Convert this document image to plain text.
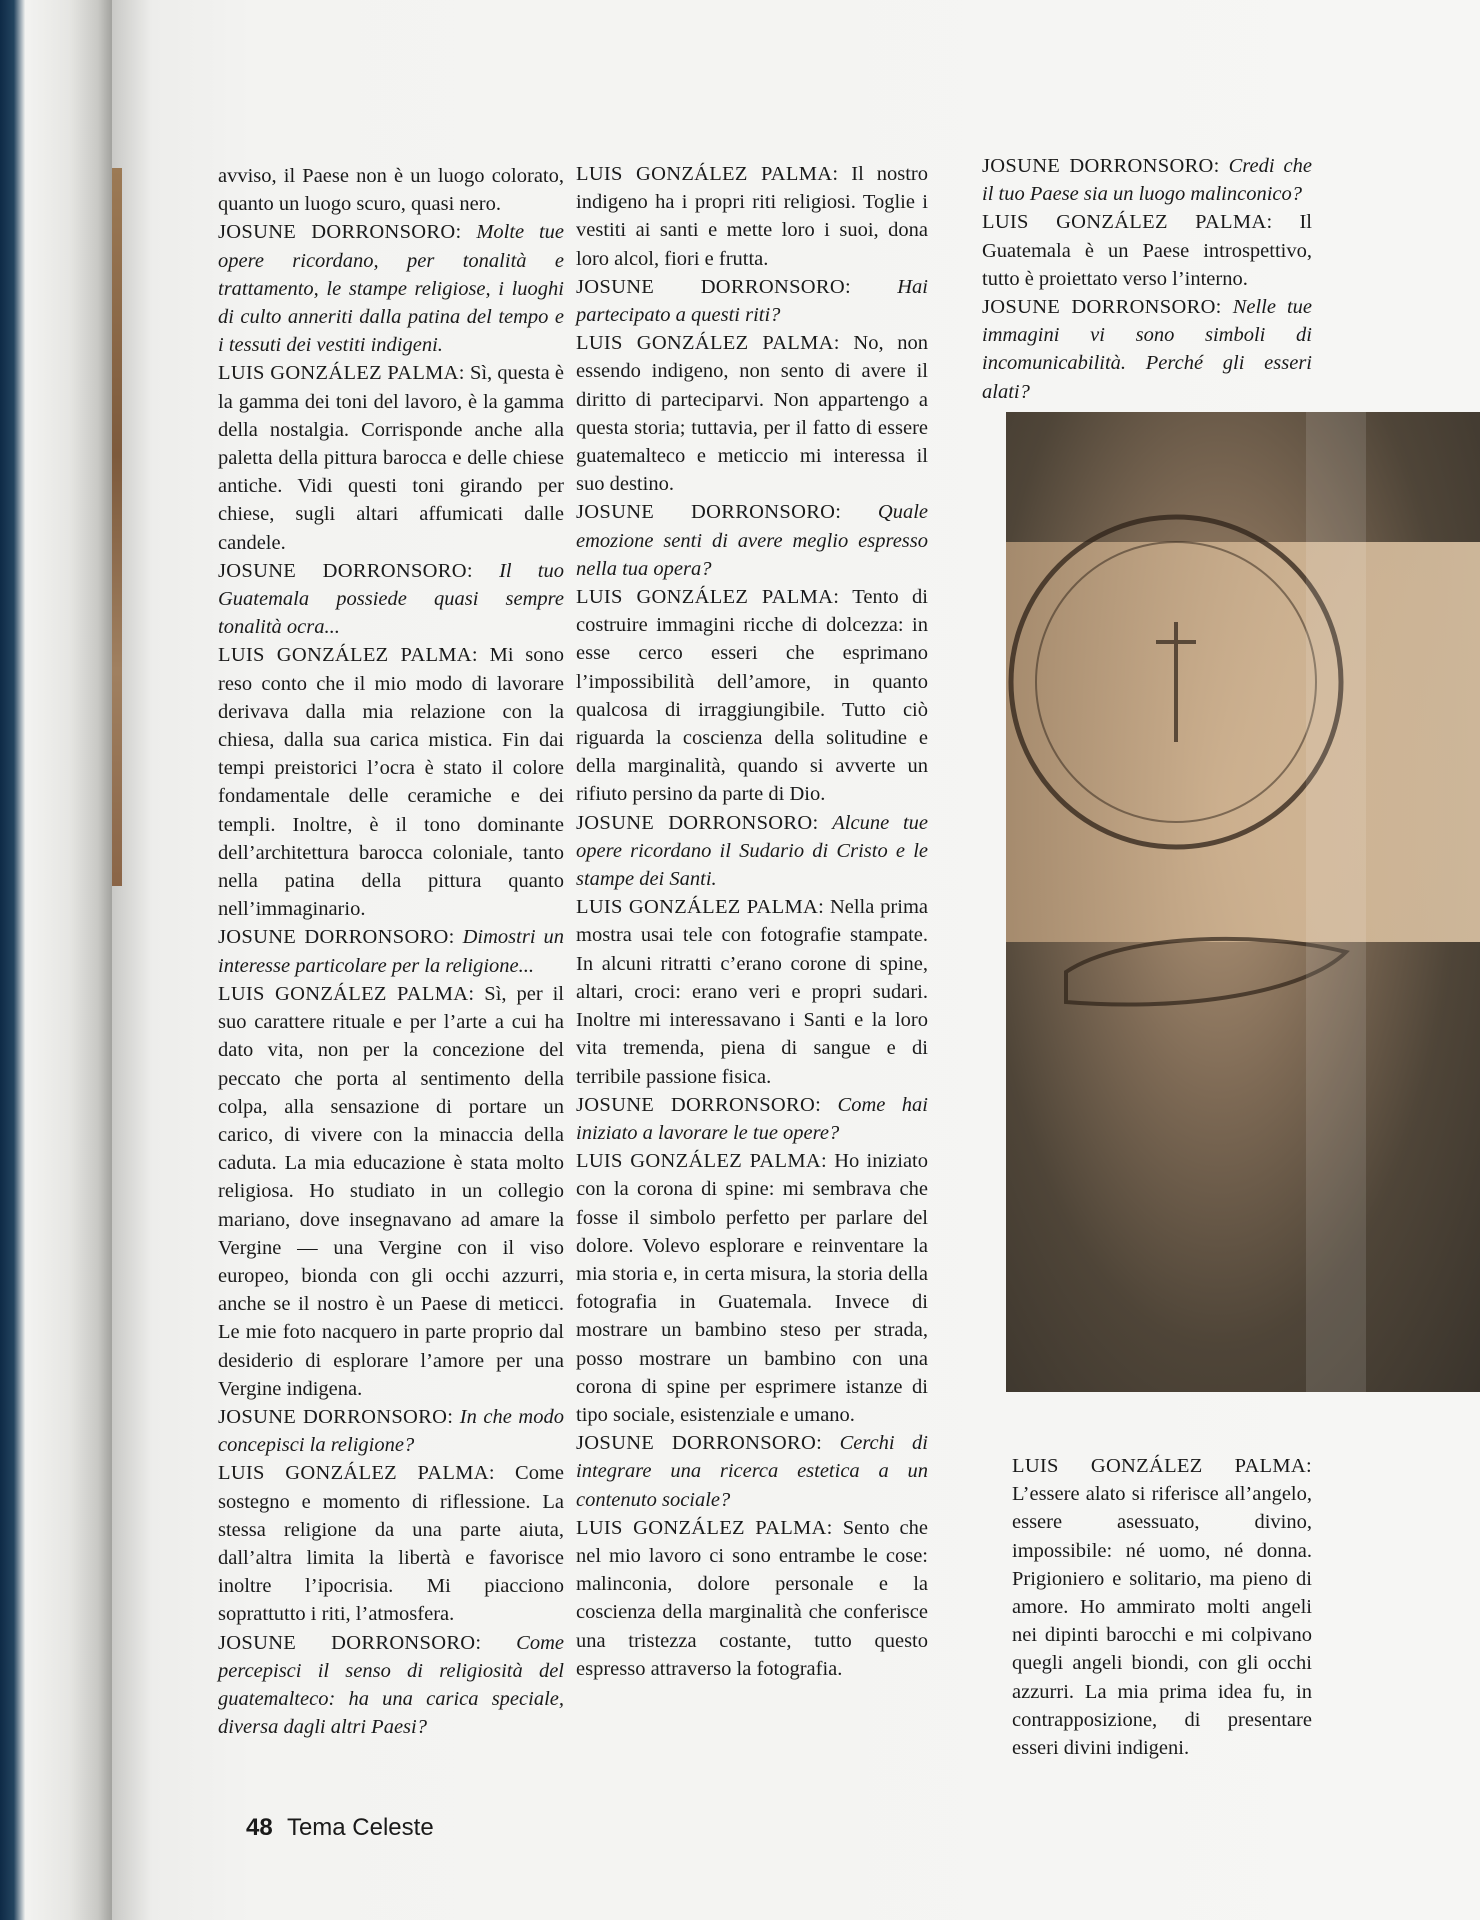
avviso, il Paese non è un luogo colorato, quanto un luogo scuro, quasi nero.

JOSUNE DORRONSORO: Molte tue opere ricordano, per tonalità e trattamento, le stampe religiose, i luoghi di culto anneriti dalla patina del tempo e i tessuti dei vestiti indigeni.

LUIS GONZÁLEZ PALMA: Sì, questa è la gamma dei toni del lavoro, è la gamma della nostalgia. Corrisponde anche alla paletta della pittura barocca e delle chiese antiche. Vidi questi toni girando per chiese, sugli altari affumicati dalle candele.

JOSUNE DORRONSORO: Il tuo Guatemala possiede quasi sempre tonalità ocra...

LUIS GONZÁLEZ PALMA: Mi sono reso conto che il mio modo di lavorare derivava dalla mia relazione con la chiesa, dalla sua carica mistica. Fin dai tempi preistorici l’ocra è stato il colore fondamentale delle ceramiche e dei templi. Inoltre, è il tono dominante dell’architettura barocca coloniale, tanto nella patina della pittura quanto nell’immaginario.

JOSUNE DORRONSORO: Dimostri un interesse particolare per la religione...

LUIS GONZÁLEZ PALMA: Sì, per il suo carattere rituale e per l’arte a cui ha dato vita, non per la concezione del peccato che porta al sentimento della colpa, alla sensazione di portare un carico, di vivere con la minaccia della caduta. La mia educazione è stata molto religiosa. Ho studiato in un collegio mariano, dove insegnavano ad amare la Vergine — una Vergine con il viso europeo, bionda con gli occhi azzurri, anche se il nostro è un Paese di meticci. Le mie foto nacquero in parte proprio dal desiderio di esplorare l’amore per una Vergine indigena.

JOSUNE DORRONSORO: In che modo concepisci la religione?

LUIS GONZÁLEZ PALMA: Come sostegno e momento di riflessione. La stessa religione da una parte aiuta, dall’altra limita la libertà e favorisce inoltre l’ipocrisia. Mi piacciono soprattutto i riti, l’atmosfera.

JOSUNE DORRONSORO: Come percepisci il senso di religiosità del guatemalteco: ha una carica speciale, diversa dagli altri Paesi?

LUIS GONZÁLEZ PALMA: Il nostro indigeno ha i propri riti religiosi. Toglie i vestiti ai santi e mette loro i suoi, dona loro alcol, fiori e frutta.

JOSUNE DORRONSORO: Hai partecipato a questi riti?

LUIS GONZÁLEZ PALMA: No, non essendo indigeno, non sento di avere il diritto di parteciparvi. Non appartengo a questa storia; tuttavia, per il fatto di essere guatemalteco e meticcio mi interessa il suo destino.

JOSUNE DORRONSORO: Quale emozione senti di avere meglio espresso nella tua opera?

LUIS GONZÁLEZ PALMA: Tento di costruire immagini ricche di dolcezza: in esse cerco esseri che esprimano l’impossibilità dell’amore, in quanto qualcosa di irraggiungibile. Tutto ciò riguarda la coscienza della solitudine e della marginalità, quando si avverte un rifiuto persino da parte di Dio.

JOSUNE DORRONSORO: Alcune tue opere ricordano il Sudario di Cristo e le stampe dei Santi.

LUIS GONZÁLEZ PALMA: Nella prima mostra usai tele con fotografie stampate. In alcuni ritratti c’erano corone di spine, altari, croci: erano veri e propri sudari. Inoltre mi interessavano i Santi e la loro vita tremenda, piena di sangue e di terribile passione fisica.

JOSUNE DORRONSORO: Come hai iniziato a lavorare le tue opere?

LUIS GONZÁLEZ PALMA: Ho iniziato con la corona di spine: mi sembrava che fosse il simbolo perfetto per parlare del dolore. Volevo esplorare e reinventare la mia storia e, in certa misura, la storia della fotografia in Guatemala. Invece di mostrare un bambino steso per strada, posso mostrare un bambino con una corona di spine per esprimere istanze di tipo sociale, esistenziale e umano.

JOSUNE DORRONSORO: Cerchi di integrare una ricerca estetica a un contenuto sociale?

LUIS GONZÁLEZ PALMA: Sento che nel mio lavoro ci sono entrambe le cose: malinconia, dolore personale e la coscienza della marginalità che conferisce una tristezza costante, tutto questo espresso attraverso la fotografia.

JOSUNE DORRONSORO: Credi che il tuo Paese sia un luogo malinconico?

LUIS GONZÁLEZ PALMA: Il Guatemala è un Paese introspettivo, tutto è proiettato verso l’interno.

JOSUNE DORRONSORO: Nelle tue immagini vi sono simboli di incomunicabilità. Perché gli esseri alati?

LUIS GONZÁLEZ PALMA: L’essere alato si riferisce all’angelo, essere asessuato, divino, impossibile: né uomo, né donna. Prigioniero e solitario, ma pieno di amore. Ho ammirato molti angeli nei dipinti barocchi e mi colpivano quegli angeli biondi, con gli occhi azzurri. La mia prima idea fu, in contrapposizione, di presentare esseri divini indigeni.

48 Tema Celeste
